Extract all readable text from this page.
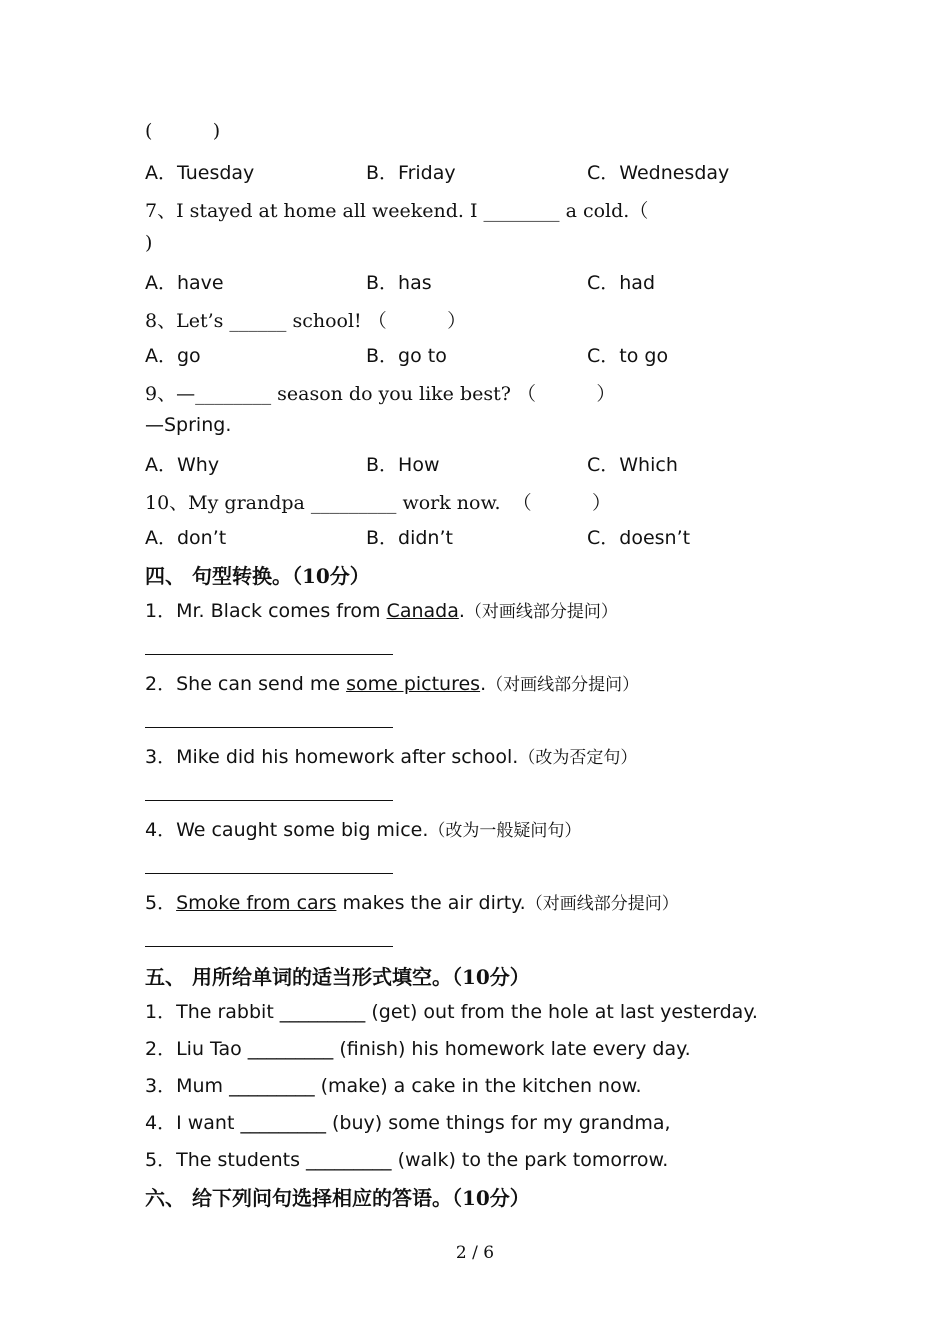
(          )
A．Tuesday	B．Friday	C．Wednesday
7、I stayed at home all weekend. I ________ a cold.（
)
A．have	B．has	C．had
8、Let’s ______ school! （          ）
A．go	B．go to	C．to go
9、—________ season do you like best? （          ）
—Spring.
A．Why	B．How	C．Which
10、My grandpa _________ work now.  （          ）
A．don’t	B．didn’t	C．doesn’t
四、 句型转换。（10分）
1．Mr. Black comes from Canada.（对画线部分提问）
2．She can send me some pictures.（对画线部分提问）
3．Mike did his homework after school.（改为否定句）
4．We caught some big mice.（改为一般疑问句）
5．Smoke from cars makes the air dirty.（对画线部分提问）
五、 用所给单词的适当形式填空。（10分）
1．The rabbit _________ (get) out from the hole at last yesterday.
2．Liu Tao _________ (finish) his homework late every day.
3．Mum _________ (make) a cake in the kitchen now.
4．I want _________ (buy) some things for my grandma,
5．The students _________ (walk) to the park tomorrow.
六、 给下列问句选择相应的答语。（10分）
2 / 6
